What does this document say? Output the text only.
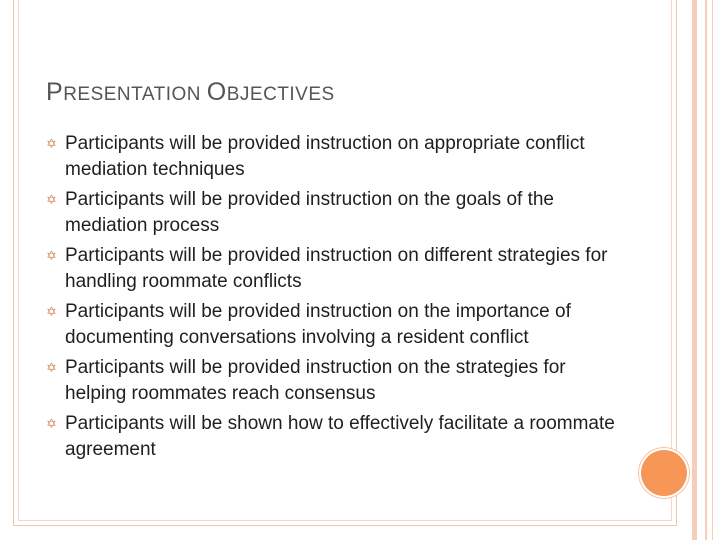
PRESENTATION OBJECTIVES
✡ Participants will be provided instruction on appropriate conflict mediation techniques
✡ Participants will be provided instruction on the goals of the mediation process
✡ Participants will be provided instruction on different strategies for handling roommate conflicts
✡ Participants will be provided instruction on the importance of documenting conversations involving a resident conflict
✡ Participants will be provided instruction on the strategies for helping roommates reach consensus
✡ Participants will be shown how to effectively facilitate a roommate agreement
